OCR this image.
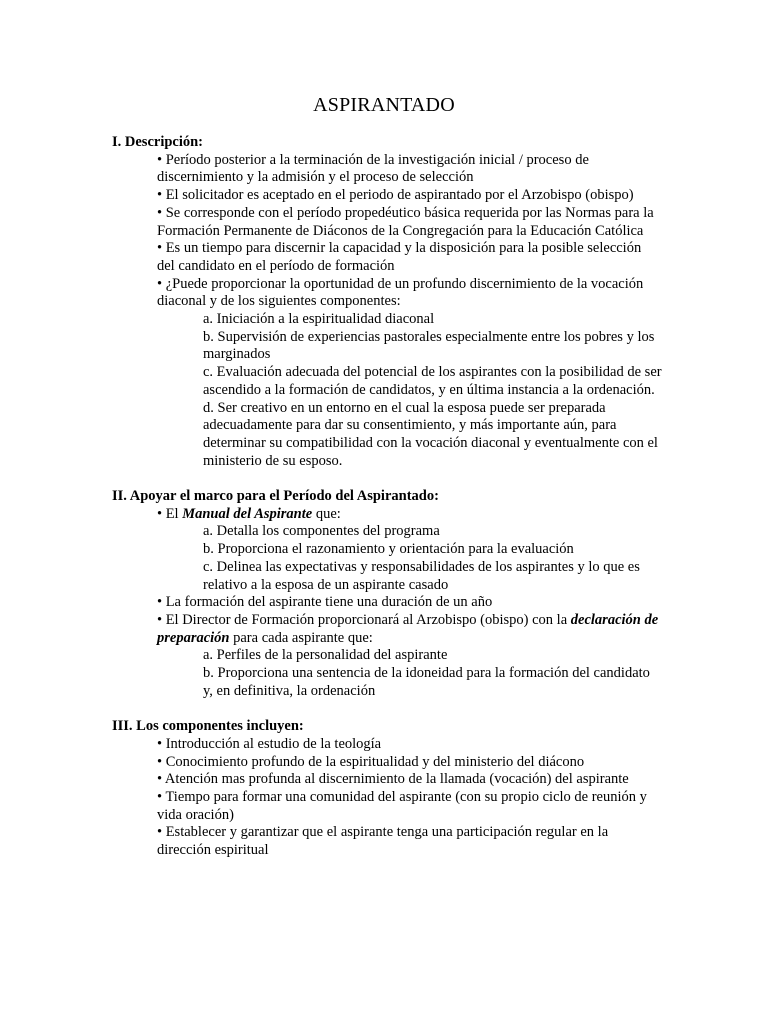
ASPIRANTADO

I. Descripción:

• Período posterior a la terminación de la investigación inicial / proceso de discernimiento y la admisión y el proceso de selección

• El solicitador es aceptado en el periodo de aspirantado por el Arzobispo (obispo)

• Se corresponde con el período propedéutico básica requerida por las Normas para la Formación Permanente de Diáconos de la Congregación para la Educación Católica

• Es un tiempo para discernir la capacidad y la disposición para la posible selección del candidato en el período de formación

• ¿Puede proporcionar la oportunidad de un profundo discernimiento de la vocación diaconal y de los siguientes componentes:

a. Iniciación a la espiritualidad diaconal

b. Supervisión de experiencias pastorales especialmente entre los pobres y los marginados

c. Evaluación adecuada del potencial de los aspirantes con la posibilidad de ser ascendido a la formación de candidatos, y en última instancia a la ordenación.

d. Ser creativo en un entorno en el cual la esposa puede ser preparada adecuadamente para dar su consentimiento, y más importante aún, para determinar su compatibilidad con la vocación diaconal y eventualmente con el ministerio de su esposo.

II. Apoyar el marco para el Período del Aspirantado:

• El Manual del Aspirante que:

a. Detalla los componentes del programa

b. Proporciona el razonamiento y orientación para la evaluación

c. Delinea las expectativas y responsabilidades de los aspirantes y lo que es relativo a la esposa de un aspirante casado

• La formación del aspirante tiene una duración de un año

• El Director de Formación proporcionará al Arzobispo (obispo) con la declaración de preparación para cada aspirante que:

a. Perfiles de la personalidad del aspirante

b. Proporciona una sentencia de la idoneidad para la formación del candidato y, en definitiva, la ordenación

III. Los componentes incluyen:

• Introducción al estudio de la teología

• Conocimiento profundo de la espiritualidad y del ministerio del diácono

• Atención mas profunda al discernimiento de la llamada (vocación) del aspirante

• Tiempo para formar una comunidad del aspirante (con su propio ciclo de reunión y vida oración)

• Establecer y garantizar que el aspirante tenga una participación regular en la dirección espiritual
